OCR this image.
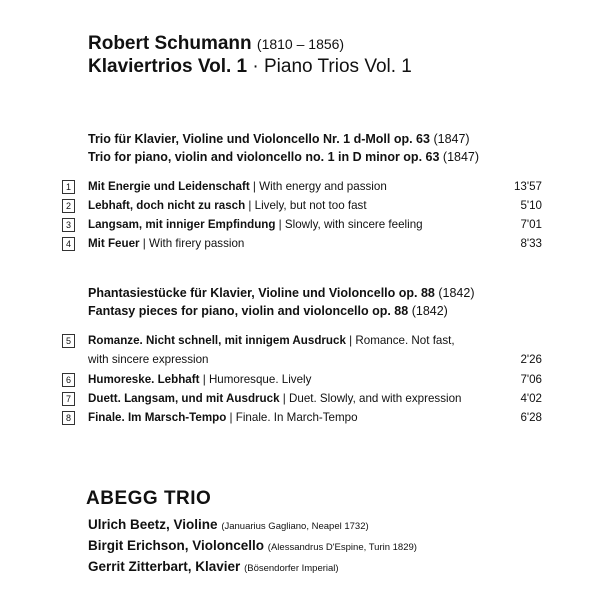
Robert Schumann (1810 – 1856)
Klaviertrios Vol. 1 · Piano Trios Vol. 1
Trio für Klavier, Violine und Violoncello Nr. 1 d-Moll op. 63 (1847)
Trio for piano, violin and violoncello no. 1 in D minor op. 63 (1847)
1	Mit Energie und Leidenschaft | With energy and passion	13'57
2	Lebhaft, doch nicht zu rasch | Lively, but not too fast	5'10
3	Langsam, mit inniger Empfindung | Slowly, with sincere feeling	7'01
4	Mit Feuer | With firery passion	8'33
Phantasiestücke für Klavier, Violine und Violoncello op. 88 (1842)
Fantasy pieces for piano, violin and violoncello op. 88 (1842)
5	Romanze. Nicht schnell, mit innigem Ausdruck | Romance. Not fast,
with sincere expression	2'26
6	Humoreske. Lebhaft | Humoresque. Lively	7'06
7	Duett. Langsam, und mit Ausdruck | Duet. Slowly, and with expression	4'02
8	Finale. Im Marsch-Tempo | Finale. In March-Tempo	6'28
ABEGG TRIO
Ulrich Beetz, Violine (Januarius Gagliano, Neapel 1732)
Birgit Erichson, Violoncello (Alessandrus D'Espine, Turin 1829)
Gerrit Zitterbart, Klavier (Bösendorfer Imperial)
